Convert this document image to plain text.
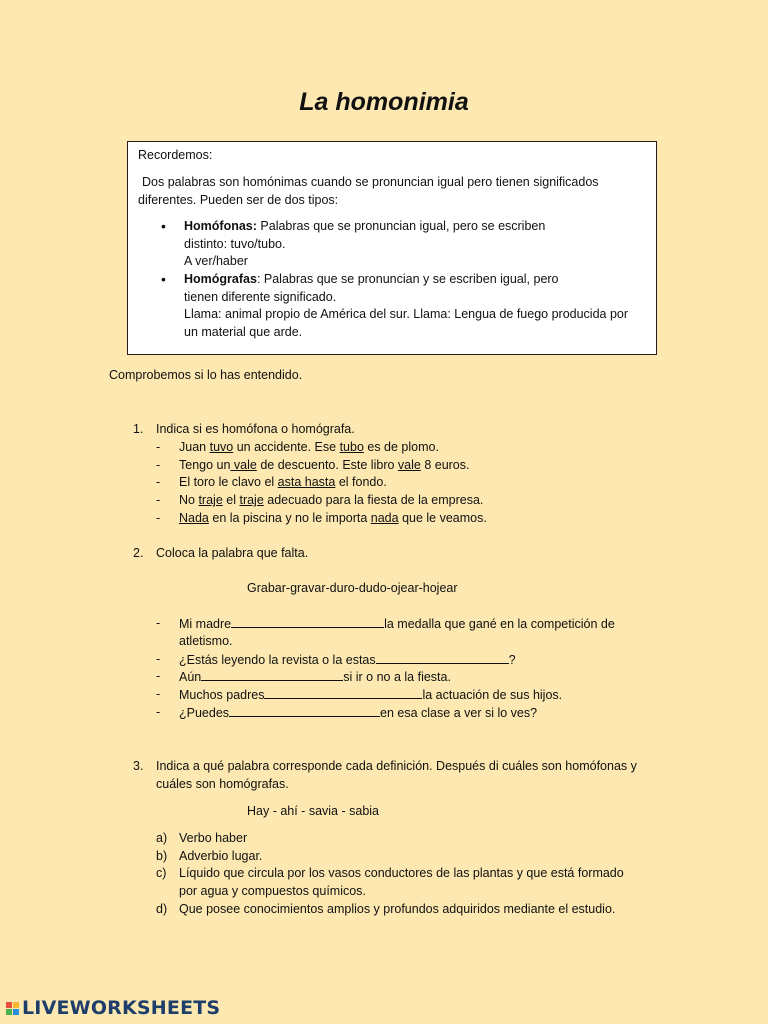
La homonimia
Recordemos:
Dos palabras son homónimas cuando se pronuncian igual pero tienen significados diferentes. Pueden ser de dos tipos:
• Homófonas: Palabras que se pronuncian igual, pero se escriben
distinto: tuvo/tubo.
A ver/haber
• Homógrafas: Palabras que se pronuncian y se escriben igual, pero
tienen diferente significado.
Llama: animal propio de América del sur. Llama: Lengua de fuego producida por
un material que arde.
Comprobemos si lo has entendido.
1. Indica si es homófona o homógrafa.
- Juan tuvo un accidente. Ese tubo es de plomo.
- Tengo un vale de descuento. Este libro vale 8 euros.
- El toro le clavo el asta hasta el fondo.
- No traje el traje adecuado para la fiesta de la empresa.
- Nada en la piscina y no le importa nada que le veamos.
2. Coloca la palabra que falta.
Grabar-gravar-duro-dudo-ojear-hojear
- Mi madre	la medalla que gané en la competición de
atletismo.
- ¿Estás leyendo la revista o la estas	?
- Aún	si ir o no a la fiesta.
- Muchos padres	la actuación de sus hijos.
- ¿Puedes	en esa clase a ver si lo ves?
3. Indica a qué palabra corresponde cada definición. Después di cuáles son homófonas y
cuáles son homógrafas.
Hay - ahí - savia - sabia
a) Verbo haber
b) Adverbio lugar.
c) Líquido que circula por los vasos conductores de las plantas y que está formado
por agua y compuestos químicos.
d) Que posee conocimientos amplios y profundos adquiridos mediante el estudio.
LIVEWORKSHEETS
